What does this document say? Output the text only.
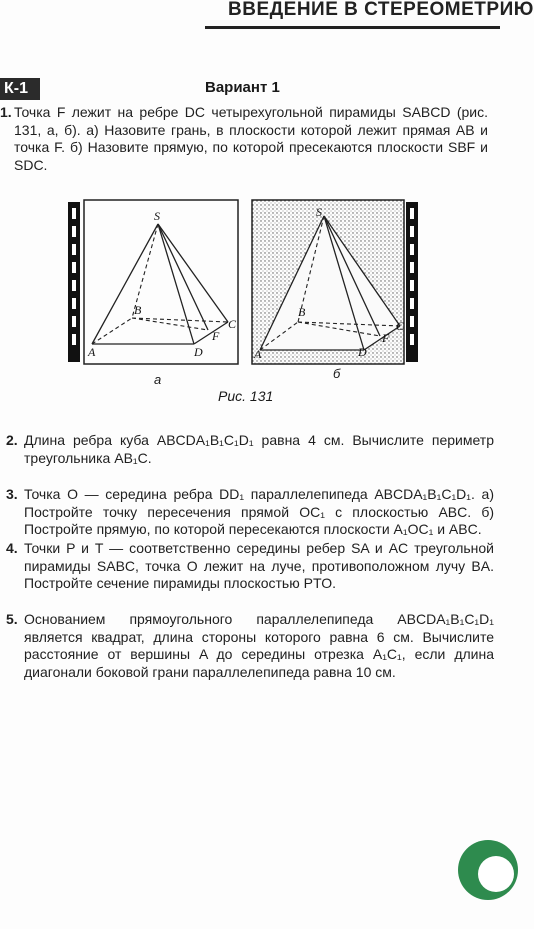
ВВЕДЕНИЕ В СТЕРЕОМЕТРИЮ
К-1	Вариант 1
1. Точка F лежит на ребре DC четырехугольной пирамиды SABCD (рис. 131, а, б). а) Назовите грань, в плоскости которой лежит прямая AB и точка F. б) Назовите прямую, по которой пресекаются плоскости SBF и SDC.
S
B
C
F
A	D
S
B
C
F
A	D
а	б
Рис. 131
2. Длина ребра куба ABCDA₁B₁C₁D₁ равна 4 см. Вычислите периметр треугольника AB₁C.
3. Точка O — середина ребра DD₁ параллелепипеда ABCDA₁B₁C₁D₁. а) Постройте точку пересечения прямой OC₁ с плоскостью ABC. б) Постройте прямую, по которой пересекаются плоскости A₁OC₁ и ABC.
4. Точки P и T — соответственно середины ребер SA и AC треугольной пирамиды SABC, точка O лежит на луче, противоположном лучу BA. Постройте сечение пирамиды плоскостью PTO.
5. Основанием прямоугольного параллелепипеда ABCDA₁B₁C₁D₁ является квадрат, длина стороны которого равна 6 см. Вычислите расстояние от вершины A до середины отрезка A₁C₁, если длина диагонали боковой грани параллелепипеда равна 10 см.
